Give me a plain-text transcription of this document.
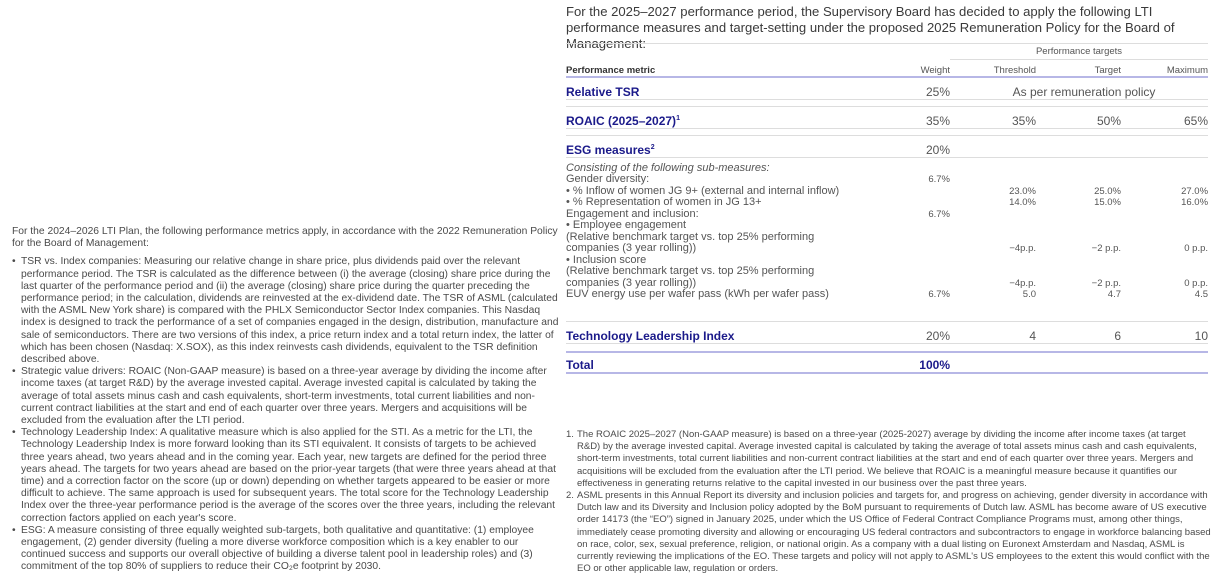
For the 2024–2026 LTI Plan, the following performance metrics apply, in accordance with the 2022 Remuneration Policy for the Board of Management:

• TSR vs. Index companies: Measuring our relative change in share price, plus dividends paid over the relevant performance period. The TSR is calculated as the difference between (i) the average (closing) share price during the last quarter of the performance period and (ii) the average (closing) share price during the quarter preceding the performance period; in the calculation, dividends are reinvested at the ex-dividend date. The TSR of ASML (calculated with the ASML New York share) is compared with the PHLX Semiconductor Sector Index companies. This Nasdaq index is designed to track the performance of a set of companies engaged in the design, distribution, manufacture and sale of semiconductors. There are two versions of this index, a price return index and a total return index, the latter of which has been chosen (Nasdaq: X.SOX), as this index reinvests cash dividends, equivalent to the TSR definition described above.
• Strategic value drivers: ROAIC (Non-GAAP measure) is based on a three-year average by dividing the income after income taxes (at target R&D) by the average invested capital. Average invested capital is calculated by taking the average of total assets minus cash and cash equivalents, short-term investments, total current liabilities and non-current contract liabilities at the start and end of each quarter over three years. Mergers and acquisitions will be excluded from the evaluation after the LTI period.
• Technology Leadership Index: A qualitative measure which is also applied for the STI. As a metric for the LTI, the Technology Leadership Index is more forward looking than its STI equivalent. It consists of targets to be achieved three years ahead, two years ahead and in the coming year. Each year, new targets are defined for the period three years ahead. The targets for two years ahead are based on the prior-year targets (that were three years ahead at that time) and a correction factor on the score (up or down) depending on whether targets appeared to be easier or more difficult to achieve. The same approach is used for subsequent years. The total score for the Technology Leadership Index over the three-year performance period is the average of the scores over the three years, including the relevant correction factors applied on each year's score.
• ESG: A measure consisting of three equally weighted sub-targets, both qualitative and quantitative: (1) employee engagement, (2) gender diversity (fueling a more diverse workforce composition which is a key enabler to our continued success and supports our overall objective of building a diverse talent pool in leadership roles) and (3) commitment of the top 80% of suppliers to reduce their CO₂e footprint by 2030.
For the 2025–2027 performance period, the Supervisory Board has decided to apply the following LTI performance measures and target-setting under the proposed 2025 Remuneration Policy for the Board of Management:
		Performance targets		
Performance metric	Weight	Threshold	Target	Maximum
Relative TSR	25%	As per remuneration policy		

ROAIC (2025–2027)$^1$	35%	35%	50%	65%

ESG measures$^2$	20%			
Consisting of the following sub-measures:				
Gender diversity:	6.7%			
• % Inflow of women JG 9+ (external and internal inflow)		23.0%	25.0%	27.0%
• % Representation of women in JG 13+		14.0%	15.0%	16.0%
Engagement and inclusion:	6.7%			
• Employee engagement
(Relative benchmark target vs. top 25% performing companies (3 year rolling))		−4p.p.	−2 p.p.	0 p.p.
• Inclusion score
(Relative benchmark target vs. top 25% performing companies (3 year rolling))		−4p.p.	−2 p.p.	0 p.p.
EUV energy use per wafer pass (kWh per wafer pass)	6.7%	5.0	4.7	4.5

Technology Leadership Index	20%	4	6	10

Total	100%			
1. The ROAIC 2025–2027 (Non-GAAP measure) is based on a three-year (2025-2027) average by dividing the income after income taxes (at target R&D) by the average invested capital. Average invested capital is calculated by taking the average of total assets minus cash and cash equivalents, short-term investments, total current liabilities and non-current contract liabilities at the start and end of each quarter over three years. Mergers and acquisitions will be excluded from the evaluation after the LTI period. We believe that ROAIC is a meaningful measure because it quantifies our effectiveness in generating returns relative to the capital invested in our business over the past three years.
2. ASML presents in this Annual Report its diversity and inclusion policies and targets for, and progress on achieving, gender diversity in accordance with Dutch law and its Diversity and Inclusion policy adopted by the BoM pursuant to requirements of Dutch law. ASML has become aware of US executive order 14173 (the “EO”) signed in January 2025, under which the US Office of Federal Contract Compliance Programs must, among other things, immediately cease promoting diversity and allowing or encouraging US federal contractors and subcontractors to engage in workforce balancing based on race, color, sex, sexual preference, religion, or national origin. As a company with a dual listing on Euronext Amsterdam and Nasdaq, ASML is currently reviewing the implications of the EO. These targets and policy will not apply to ASML's US employees to the extent this would conflict with the EO or other applicable law, regulation or orders.
